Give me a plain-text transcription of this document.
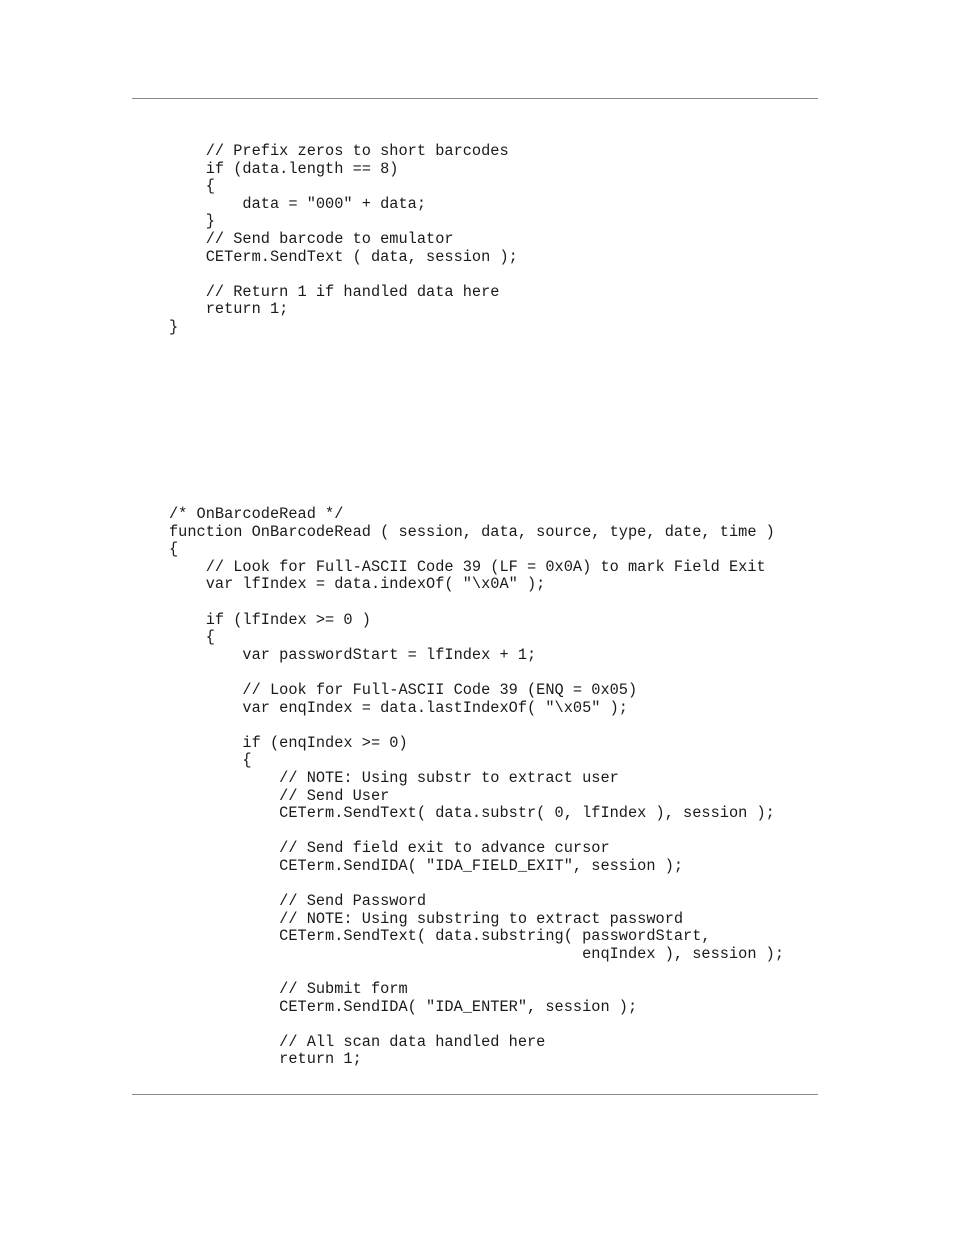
// Prefix zeros to short barcodes
if (data.length == 8)
{
data = "000" + data;
}
// Send barcode to emulator
CETerm.SendText ( data, session );
// Return 1 if handled data here
return 1;
}
/* OnBarcodeRead */
function OnBarcodeRead ( session, data, source, type, date, time )
{
// Look for Full-ASCII Code 39 (LF = 0x0A) to mark Field Exit
var lfIndex = data.indexOf( "\x0A" );
if (lfIndex >= 0 )
{
var passwordStart = lfIndex + 1;
// Look for Full-ASCII Code 39 (ENQ = 0x05)
var enqIndex = data.lastIndexOf( "\x05" );
if (enqIndex >= 0)
{
// NOTE: Using substr to extract user
// Send User
CETerm.SendText( data.substr( 0, lfIndex ), session );
// Send field exit to advance cursor
CETerm.SendIDA( "IDA_FIELD_EXIT", session );
// Send Password
// NOTE: Using substring to extract password
CETerm.SendText( data.substring( passwordStart,
enqIndex ), session );
// Submit form
CETerm.SendIDA( "IDA_ENTER", session );
// All scan data handled here
return 1;
